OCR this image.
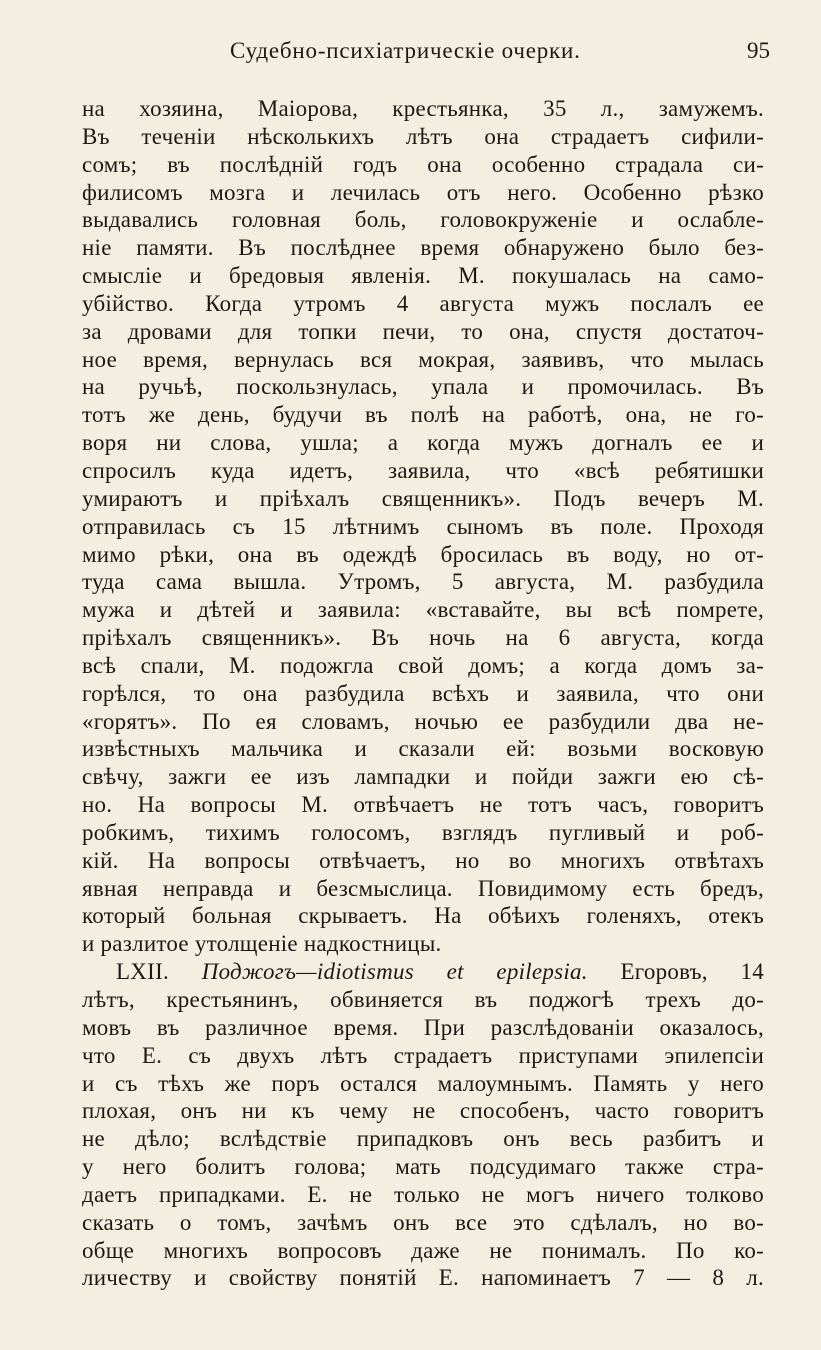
Судебно-психіатрическіе очерки.	95
на хозяина, Маіорова, крестьянка, 35 л., замужемъ.
Въ теченіи нѣсколькихъ лѣтъ она страдаетъ сифили-
сомъ; въ послѣдній годъ она особенно страдала си-
филисомъ мозга и лечилась отъ него. Особенно рѣзко
выдавались головная боль, головокруженіе и ослабле-
ніе памяти. Въ послѣднее время обнаружено было без-
смысліе и бредовыя явленія. М. покушалась на само-
убійство. Когда утромъ 4 августа мужъ послалъ ее
за дровами для топки печи, то она, спустя достаточ-
ное время, вернулась вся мокрая, заявивъ, что мылась
на ручьѣ, поскользнулась, упала и промочилась. Въ
тотъ же день, будучи въ полѣ на работѣ, она, не го-
воря ни слова, ушла; а когда мужъ догналъ ее и
спросилъ куда идетъ, заявила, что «всѣ ребятишки
умираютъ и пріѣхалъ священникъ». Подъ вечеръ М.
отправилась съ 15 лѣтнимъ сыномъ въ поле. Проходя
мимо рѣки, она въ одеждѣ бросилась въ воду, но от-
туда сама вышла. Утромъ, 5 августа, М. разбудила
мужа и дѣтей и заявила: «вставайте, вы всѣ помрете,
пріѣхалъ священникъ». Въ ночь на 6 августа, когда
всѣ спали, М. подожгла свой домъ; а когда домъ за-
горѣлся, то она разбудила всѣхъ и заявила, что они
«горятъ». По ея словамъ, ночью ее разбудили два не-
извѣстныхъ мальчика и сказали ей: возьми восковую
свѣчу, зажги ее изъ лампадки и пойди зажги ею сѣ-
но. На вопросы М. отвѣчаетъ не тотъ часъ, говоритъ
робкимъ, тихимъ голосомъ, взглядъ пугливый и роб-
кій. На вопросы отвѣчаетъ, но во многихъ отвѣтахъ
явная неправда и безсмыслица. Повидимому есть бредъ,
который больная скрываетъ. На обѣихъ голеняхъ, отекъ
и разлитое утолщеніе надкостницы.
LXII. Поджогъ—idiotismus et epilepsia. Егоровъ, 14
лѣтъ, крестьянинъ, обвиняется въ поджогѣ трехъ до-
мовъ въ различное время. При разслѣдованіи оказалось,
что Е. съ двухъ лѣтъ страдаетъ приступами эпилепсіи
и съ тѣхъ же поръ остался малоумнымъ. Память у него
плохая, онъ ни къ чему не способенъ, часто говоритъ
не дѣло; вслѣдствіе припадковъ онъ весь разбитъ и
у него болитъ голова; мать подсудимаго также стра-
даетъ припадками. Е. не только не могъ ничего толково
сказать о томъ, зачѣмъ онъ все это сдѣлалъ, но во-
обще многихъ вопросовъ даже не понималъ. По ко-
личеству и свойству понятій Е. напоминаетъ 7 — 8 л.
